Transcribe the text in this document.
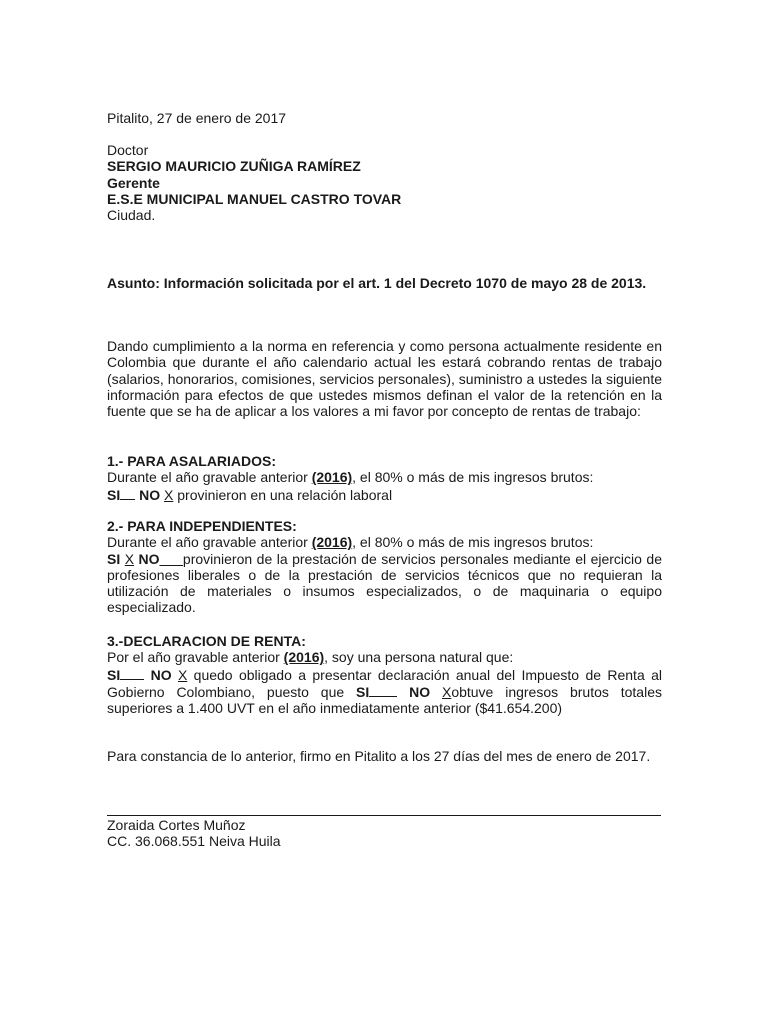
Pitalito, 27 de enero de 2017

Doctor

SERGIO MAURICIO ZUÑIGA RAMÍREZ

Gerente

E.S.E MUNICIPAL MANUEL CASTRO TOVAR

Ciudad.

Asunto: Información solicitada por el art. 1 del Decreto 1070 de mayo 28 de 2013.

Dando cumplimiento a la norma en referencia y como persona actualmente residente en Colombia que durante el año calendario actual les estará cobrando rentas de trabajo (salarios, honorarios, comisiones, servicios personales), suministro a ustedes la siguiente información para efectos de que ustedes mismos definan el valor de la retención en la fuente que se ha de aplicar a los valores a mi favor por concepto de rentas de trabajo:

1.- PARA ASALARIADOS:

Durante el año gravable anterior (2016), el 80% o más de mis ingresos brutos:

SI NO X provinieron en una relación laboral

2.- PARA INDEPENDIENTES:

Durante el año gravable anterior (2016), el 80% o más de mis ingresos brutos:

SI X NO___provinieron de la prestación de servicios personales mediante el ejercicio de

profesiones liberales o de la prestación de servicios técnicos que no requieran la utilización de materiales o insumos especializados, o de maquinaria o equipo especializado.

3.-DECLARACION DE RENTA:

Por el año gravable anterior (2016), soy una persona natural que:

SI NO X quedo obligado a presentar declaración anual del Impuesto de Renta al

Gobierno Colombiano, puesto que SI	NO Xobtuve ingresos brutos totales

superiores a 1.400 UVT en el año inmediatamente anterior ($41.654.200)

Para constancia de lo anterior, firmo en Pitalito a los 27 días del mes de enero de 2017.

Zoraida Cortes Muñoz

CC. 36.068.551 Neiva Huila
